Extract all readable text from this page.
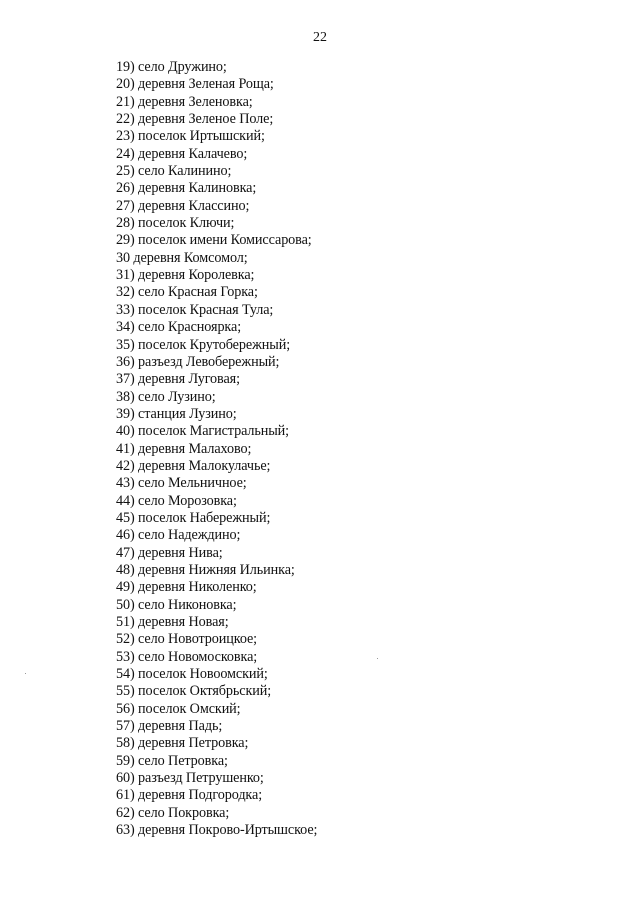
22
19) село Дружино;
20) деревня Зеленая Роща;
21) деревня Зеленовка;
22) деревня Зеленое Поле;
23) поселок Иртышский;
24) деревня Калачево;
25) село Калинино;
26) деревня Калиновка;
27) деревня Классино;
28) поселок Ключи;
29) поселок имени Комиссарова;
30 деревня Комсомол;
31) деревня Королевка;
32) село Красная Горка;
33) поселок Красная Тула;
34) село Красноярка;
35) поселок Крутобережный;
36) разъезд Левобережный;
37) деревня Луговая;
38) село Лузино;
39) станция Лузино;
40) поселок Магистральный;
41) деревня Малахово;
42) деревня Малокулачье;
43) село Мельничное;
44) село Морозовка;
45) поселок Набережный;
46) село Надеждино;
47) деревня Нива;
48) деревня Нижняя Ильинка;
49) деревня Николенко;
50) село Никоновка;
51) деревня Новая;
52) село Новотроицкое;
53) село Новомосковка;
54) поселок Новоомский;
55) поселок Октябрьский;
56) поселок Омский;
57) деревня Падь;
58) деревня Петровка;
59) село Петровка;
60) разъезд Петрушенко;
61) деревня Подгородка;
62) село Покровка;
63) деревня Покрово-Иртышское;
